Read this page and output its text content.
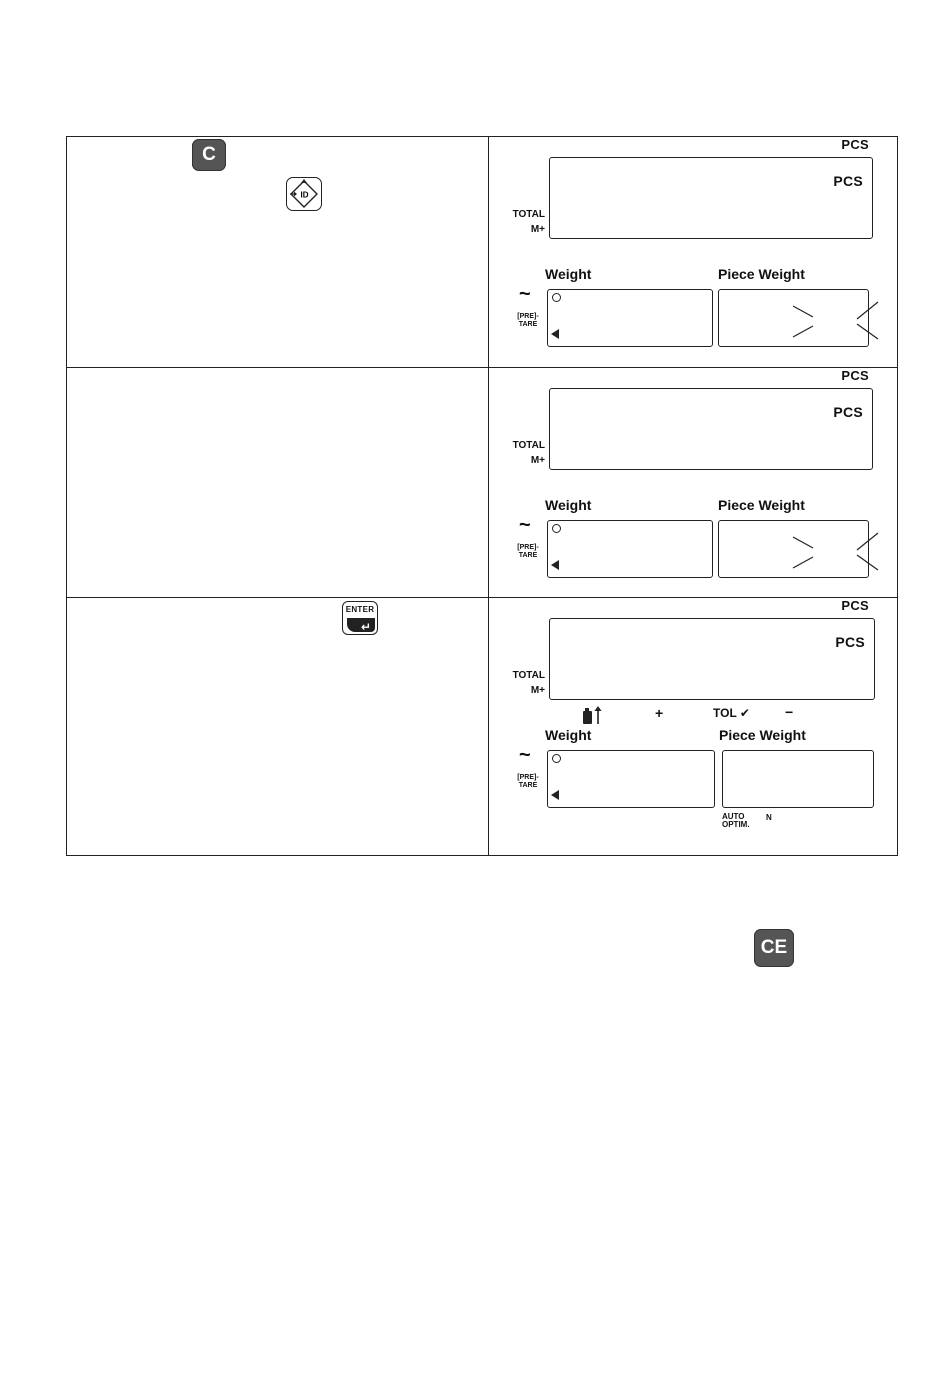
C
ID
PCS
PCS
TOTAL
M+
Weight	Piece Weight
~
[PRE]-
TARE
PCS
PCS
TOTAL
M+
Weight	Piece Weight
~
[PRE]-
TARE
ENTER
↵
PCS
PCS
TOTAL
M+
+	TOL ✔	−
Weight	Piece Weight
~
[PRE]-
TARE
AUTO
OPTIM.
N
CE
